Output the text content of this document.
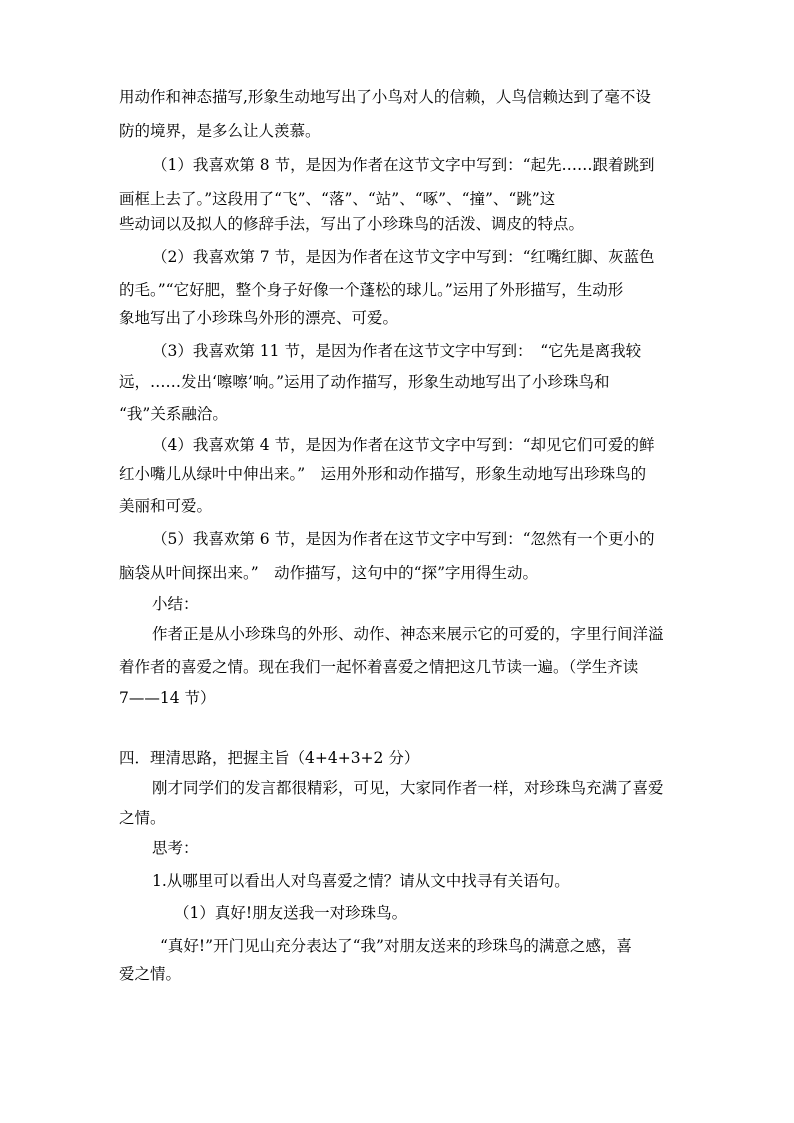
用动作和神态描写,形象生动地写出了小鸟对人的信赖，人鸟信赖达到了毫不设
防的境界，是多么让人羡慕。
（1）我喜欢第 8 节，是因为作者在这节文字中写到：“起先……跟着跳到
画框上去了。”这段用了“飞”、“落”、“站”、“啄”、“撞”、“跳”这
些动词以及拟人的修辞手法，写出了小珍珠鸟的活泼、调皮的特点。
（2）我喜欢第 7 节，是因为作者在这节文字中写到：“红嘴红脚、灰蓝色
的毛。”“它好肥，整个身子好像一个蓬松的球儿。”运用了外形描写，生动形
象地写出了小珍珠鸟外形的漂亮、可爱。
（3）我喜欢第 11 节，是因为作者在这节文字中写到：　“它先是离我较
远，……发出‘嚓嚓’响。”运用了动作描写，形象生动地写出了小珍珠鸟和
“我”关系融洽。
（4）我喜欢第 4 节，是因为作者在这节文字中写到：“却见它们可爱的鲜
红小嘴儿从绿叶中伸出来。”　运用外形和动作描写，形象生动地写出珍珠鸟的
美丽和可爱。
（5）我喜欢第 6 节，是因为作者在这节文字中写到：“忽然有一个更小的
脑袋从叶间探出来。”　动作描写，这句中的“探”字用得生动。
小结：
作者正是从小珍珠鸟的外形、动作、神态来展示它的可爱的，字里行间洋溢
着作者的喜爱之情。现在我们一起怀着喜爱之情把这几节读一遍。（学生齐读
7——14 节）
四．理清思路，把握主旨（4+4+3+2 分）
刚才同学们的发言都很精彩，可见，大家同作者一样，对珍珠鸟充满了喜爱
之情。
思考：
1.从哪里可以看出人对鸟喜爱之情？请从文中找寻有关语句。
（1）真好!朋友送我一对珍珠鸟。
“真好!”开门见山充分表达了“我”对朋友送来的珍珠鸟的满意之感，喜
爱之情。
